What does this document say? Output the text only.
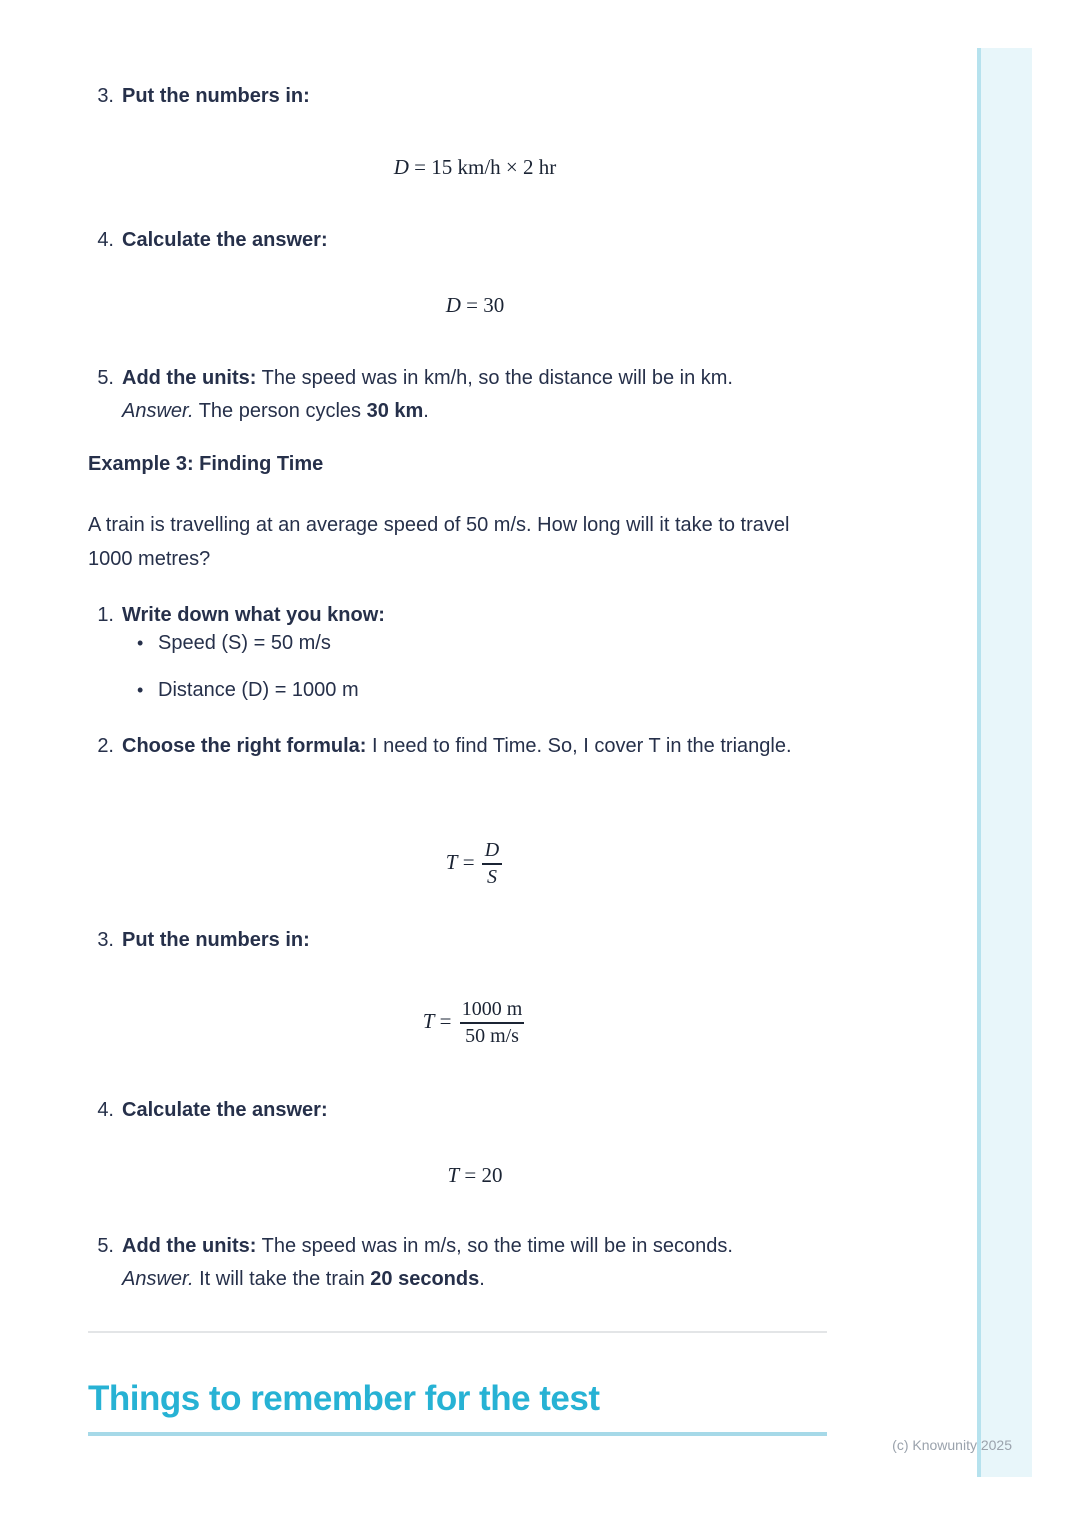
3. Put the numbers in:
D = 15 km/h × 2 hr
4. Calculate the answer:
D = 30
5. Add the units: The speed was in km/h, so the distance will be in km.
Answer. The person cycles 30 km.
Example 3: Finding Time
A train is travelling at an average speed of 50 m/s. How long will it take to travel 1000 metres?
1. Write down what you know:
• Speed (S) = 50 m/s
• Distance (D) = 1000 m
2. Choose the right formula: I need to find Time. So, I cover T in the triangle.
$T = \frac{D}{S}$
3. Put the numbers in:
$T = \frac{1000 m}{50 m/s}$
4. Calculate the answer:
T = 20
5. Add the units: The speed was in m/s, so the time will be in seconds.
Answer. It will take the train 20 seconds.
Things to remember for the test
(c) Knowunity 2025
